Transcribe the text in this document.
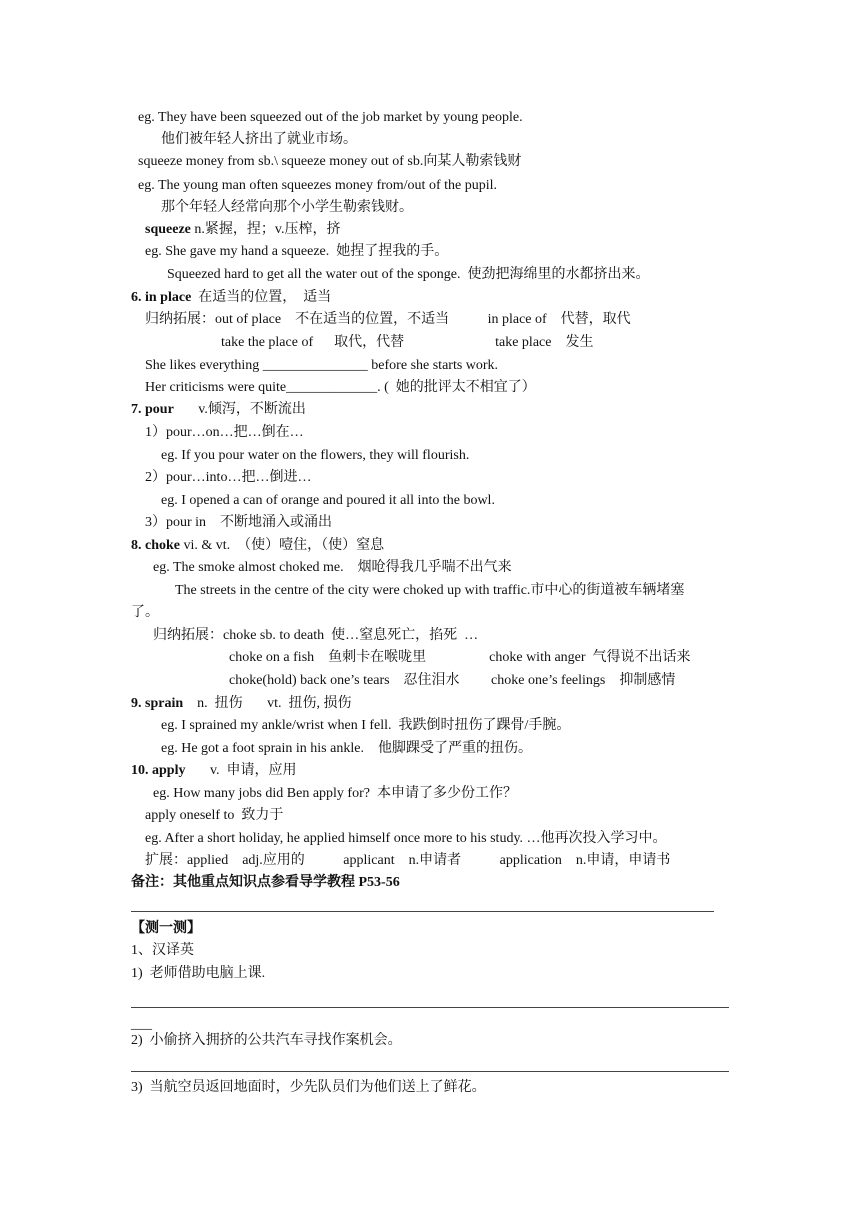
eg. They have been squeezed out of the job market by young people.
他们被年轻人挤出了就业市场。
squeeze money from sb.\ squeeze money out of sb.向某人勒索钱财
eg. The young man often squeezes money from/out of the pupil.
那个年轻人经常向那个小学生勒索钱财。
squeeze n.紧握，捏；v.压榨，挤
eg. She gave my hand a squeeze.  她捏了捏我的手。
Squeezed hard to get all the water out of the sponge.  使劲把海绵里的水都挤出来。
6. in place  在适当的位置，  适当
归纳拓展：out of place    不在适当的位置，不适当           in place of    代替，取代
take the place of      取代，代替                          take place    发生
She likes everything _______________ before she starts work.
Her criticisms were quite_____________. (  她的批评太不相宜了）
7. pour       v.倾泻，不断流出
1）pour…on…把…倒在…
eg. If you pour water on the flowers, they will flourish.
2）pour…into…把…倒进…
eg. I opened a can of orange and poured it all into the bowl.
3）pour in    不断地涌入或涌出
8. choke vi. & vt.  （使）噎住，（使）窒息
eg. The smoke almost choked me.    烟呛得我几乎喘不出气来
The streets in the centre of the city were choked up with traffic.市中心的街道被车辆堵塞
了。
归纳拓展：choke sb. to death  使…窒息死亡，掐死  …
choke on a fish    鱼刺卡在喉咙里                  choke with anger  气得说不出话来
choke(hold) back one’s tears    忍住泪水         choke one’s feelings    抑制感情
9. sprain    n.  扭伤       vt.  扭伤, 损伤
eg. I sprained my ankle/wrist when I fell.  我跌倒时扭伤了踝骨/手腕。
eg. He got a foot sprain in his ankle.    他脚踝受了严重的扭伤。
10. apply       v.  申请，应用
eg. How many jobs did Ben apply for?  本申请了多少份工作？
apply oneself to  致力于
eg. After a short holiday, he applied himself once more to his study. …他再次投入学习中。
扩展：applied    adj.应用的           applicant    n.申请者           application    n.申请，申请书
备注：其他重点知识点参看导学教程 P53-56
【测一测】
1、汉译英
1)  老师借助电脑上课.
___
2)  小偷挤入拥挤的公共汽车寻找作案机会。
3)  当航空员返回地面时，少先队员们为他们送上了鲜花。
